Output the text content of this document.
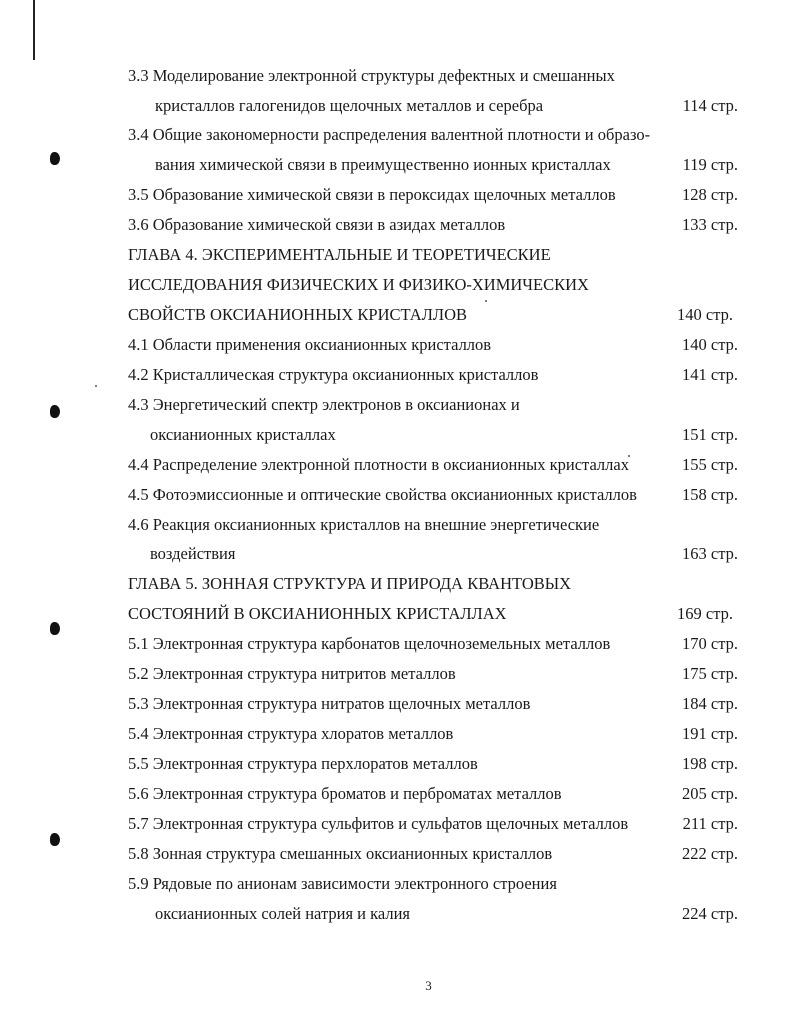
3.3 Моделирование электронной структуры дефектных и смешанных
кристаллов галогенидов щелочных металлов и серебра	114 стр.
3.4 Общие закономерности распределения валентной плотности и образо-
вания химической связи в преимущественно ионных кристаллах	119 стр.
3.5 Образование химической связи в пероксидах щелочных металлов	128 стр.
3.6 Образование химической связи в азидах металлов	133 стр.
ГЛАВА 4. ЭКСПЕРИМЕНТАЛЬНЫЕ И ТЕОРЕТИЧЕСКИЕ
ИССЛЕДОВАНИЯ ФИЗИЧЕСКИХ И ФИЗИКО-ХИМИЧЕСКИХ
СВОЙСТВ ОКСИАНИОННЫХ КРИСТАЛЛОВ	140 стр.
4.1 Области применения оксианионных кристаллов	140 стр.
4.2 Кристаллическая структура оксианионных кристаллов	141 стр.
4.3 Энергетический спектр электронов в оксианионах и
оксианионных кристаллах	151 стр.
4.4 Распределение электронной плотности в оксианионных кристаллах	155 стр.
4.5 Фотоэмиссионные и оптические свойства оксианионных кристаллов	158 стр.
4.6 Реакция оксианионных кристаллов на внешние энергетические
воздействия	163 стр.
ГЛАВА 5. ЗОННАЯ СТРУКТУРА И ПРИРОДА КВАНТОВЫХ
СОСТОЯНИЙ В ОКСИАНИОННЫХ КРИСТАЛЛАХ	169 стр.
5.1 Электронная структура карбонатов щелочноземельных металлов	170 стр.
5.2 Электронная структура нитритов металлов	175 стр.
5.3 Электронная структура нитратов щелочных металлов	184 стр.
5.4 Электронная структура хлоратов металлов	191 стр.
5.5 Электронная структура перхлоратов металлов	198 стр.
5.6 Электронная структура броматов и перброматах металлов	205 стр.
5.7 Электронная структура сульфитов и сульфатов щелочных металлов	211 стр.
5.8 Зонная структура смешанных оксианионных кристаллов	222 стр.
5.9 Рядовые по анионам зависимости электронного строения
оксианионных солей натрия и калия	224 стр.
3
